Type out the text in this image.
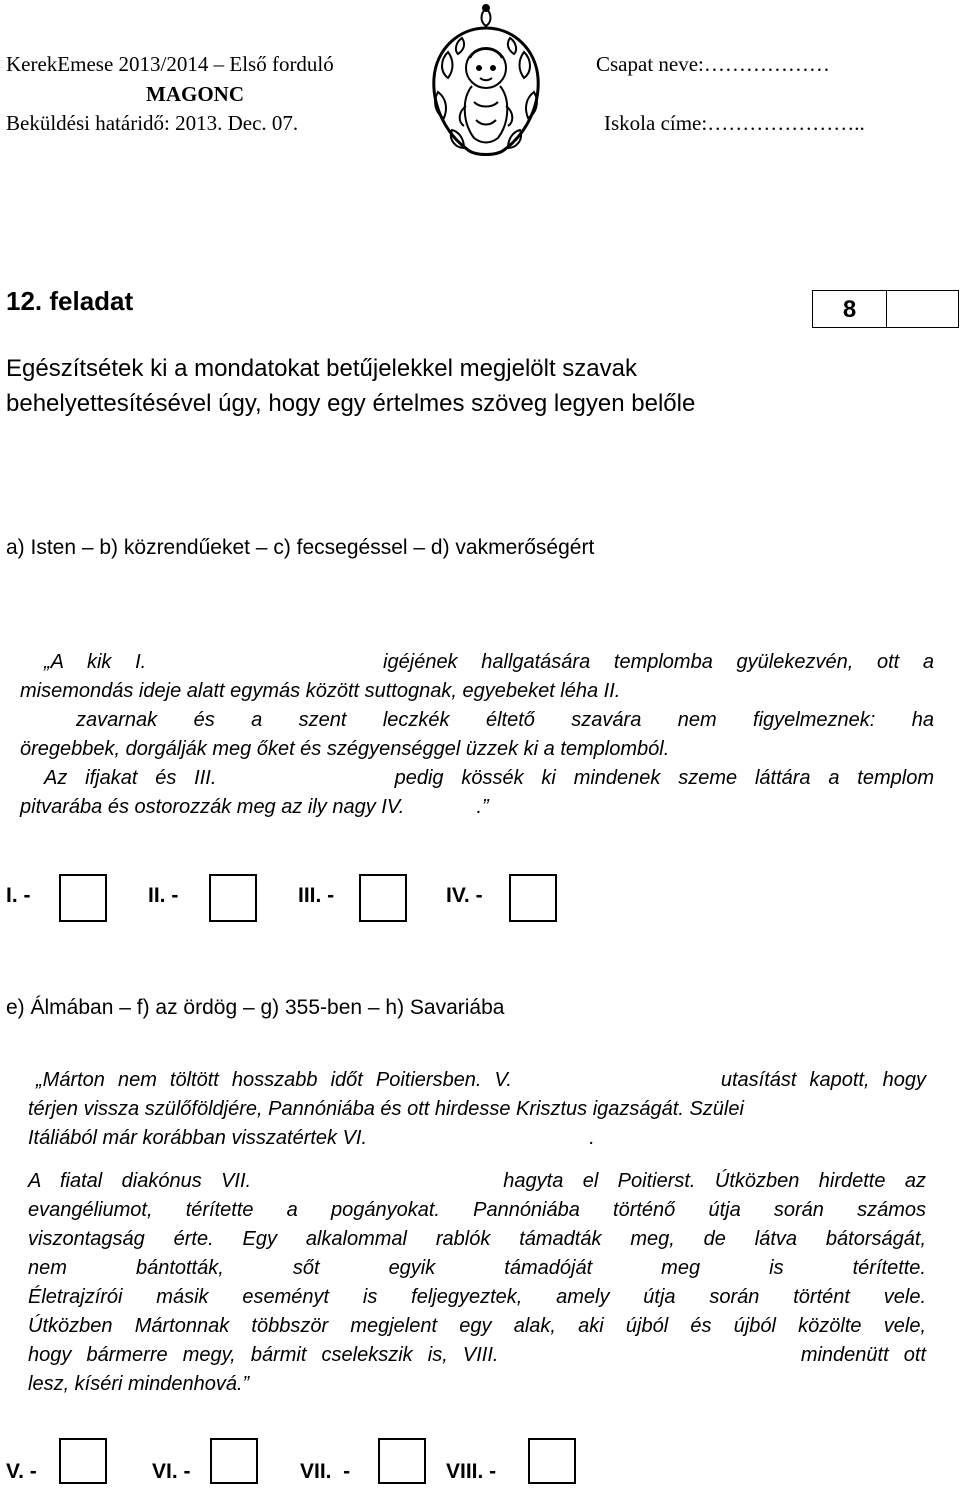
KerekEmese 2013/2014 – Első forduló
MAGONC
Beküldési határidő: 2013. Dec. 07.
Csapat neve:………………
Iskola címe:…………………..
12. feladat	8
Egészítsétek ki a mondatokat betűjelekkel megjelölt szavak
behelyettesítésével úgy, hogy egy értelmes szöveg legyen belőle
a) Isten – b) közrendűeket – c) fecsegéssel – d) vakmerőségért
„A kik I.          igéjének hallgatására templomba gyülekezvén, ott a
misemondás ideje alatt egymás között suttognak, egyebeket léha II.
zavarnak és a szent leczkék éltető szavára nem figyelmeznek: ha
öregebbek, dorgálják meg őket és szégyenséggel üzzek ki a templomból.
Az ifjakat és III.          pedig kössék ki mindenek szeme láttára a templom
pitvarába és ostorozzák meg az ily nagy IV.             .”
I. -	II. -	III. -	IV. -
e) Álmában – f) az ördög – g) 355-ben – h) Savariába
„Márton nem töltött hosszabb időt Poitiersben. V.                utasítást kapott, hogy
térjen vissza szülőföldjére, Pannóniába és ott hirdesse Krisztus igazságát. Szülei
Itáliából már korábban visszatértek VI.                                        .
A fiatal diakónus VII.             hagyta el Poitierst. Útközben hirdette az
evangéliumot, térítette a pogányokat. Pannóniába történő útja során számos
viszontagság érte. Egy alkalommal rablók támadták meg, de látva bátorságát,
nem bántották, sőt egyik támadóját meg is térítette.
Életrajzírói másik eseményt is feljegyeztek, amely útja során történt vele.
Útközben Mártonnak többször megjelent egy alak, aki újból és újból közölte vele,
hogy bármerre megy, bármit cselekszik is, VIII.                    mindenütt ott
lesz, kíséri mindenhová.”
V. -	VI. -	VII.  -	VIII. -
